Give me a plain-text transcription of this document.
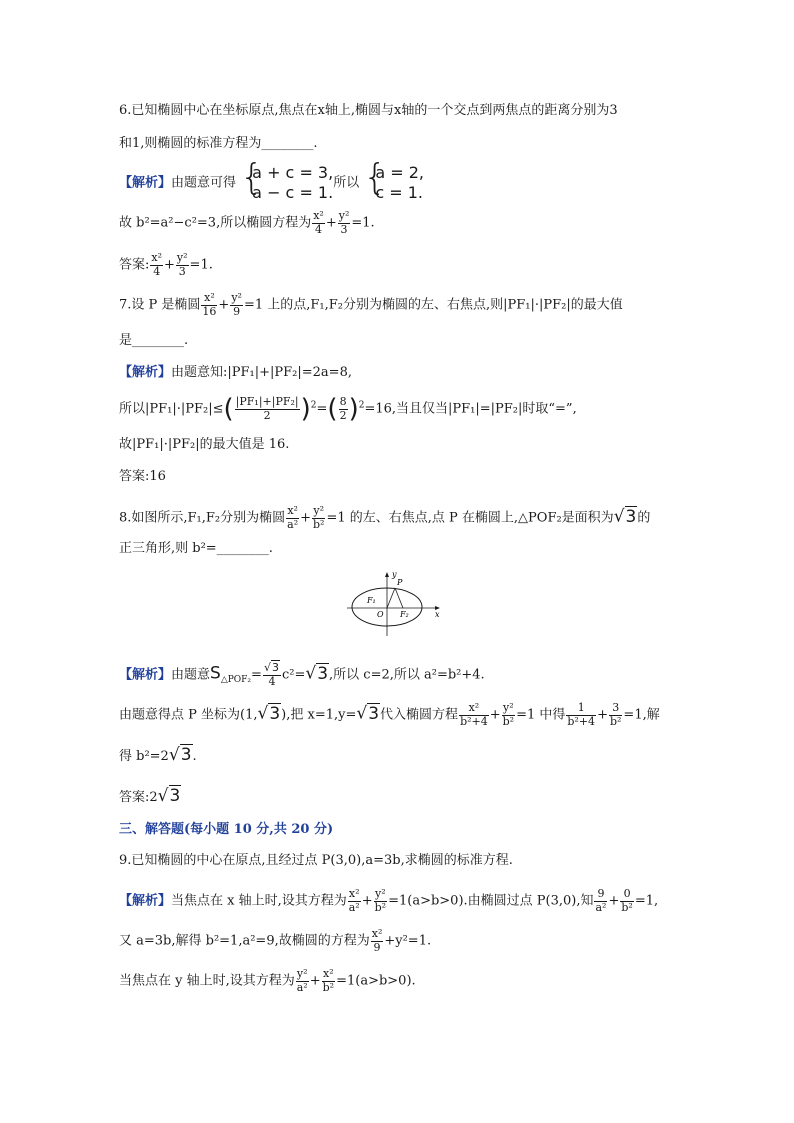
6.已知椭圆中心在坐标原点,焦点在x轴上,椭圆与x轴的一个交点到两焦点的距离分别为3
和1,则椭圆的标准方程为________.
【解析】由题意可得 {
a + c = 3,
a − c = 1. 所以 {
a = 2,
c = 1.
故 b²=a²−c²=3,所以椭圆方程为 $\frac{\text{x²}}{4} + \frac{\text{y²}}{3} =1$.
答案: $\frac{\text{x²}}{4} + \frac{\text{y²}}{3} =1$.
7.设 P 是椭圆 $\frac{\text{x²}}{16} + \frac{\text{y²}}{9} =1$ 上的点,F₁,F₂分别为椭圆的左、右焦点,则|PF₁|·|PF₂|的最大值
是________.
【解析】由题意知:|PF₁|+|PF₂|=2a=8,
所以$|PF_1|\cdot|PF_2|\le( \frac{\text{|PF₁|+|PF₂|}}{2} )^2=( \frac{8}{2} )^2=16$,当且仅当|PF₁|=|PF₂|时取“=”,
故|PF₁|·|PF₂|的最大值是 16.
答案:16
8.如图所示,F₁,F₂分别为椭圆 $\frac{\text{x²}}{\text{a²}} + \frac{\text{y²}}{\text{b²}} =1$ 的左、右焦点,点 P 在椭圆上,△POF₂是面积为√3的
正三角形,则 b²=________.
y
P
F₁
O F₂	x
【解析】由题意$S_{\triangle POF_2}= \frac{√3}{4} c^2=√3$,所以 c=2,所以 a²=b²+4.
由题意得点 P 坐标为(1,√3),把 x=1,y=√3代入椭圆方程 $\frac{\text{x²}}{\text{b²+4}} + \frac{\text{y²}}{\text{b²}} =1$ 中得 $\frac{1}{\text{b²+4}} + \frac{3}{\text{b²}} =1$,解
得 b²=2√3.
答案:2√3
三、解答题(每小题 10 分,共 20 分)
9.已知椭圆的中心在原点,且经过点 P(3,0),a=3b,求椭圆的标准方程.
【解析】当焦点在 x 轴上时,设其方程为 $\frac{\text{x²}}{\text{a²}} + \frac{\text{y²}}{\text{b²}} =1(a>b>0)$.由椭圆过点 P(3,0),知 $\frac{9}{\text{a²}} + \frac{0}{\text{b²}} =1$,
又 a=3b,解得 b²=1,a²=9,故椭圆的方程为 $\frac{\text{x²}}{9} +y^2=1$.
当焦点在 y 轴上时,设其方程为 $\frac{\text{y²}}{\text{a²}} + \frac{\text{x²}}{\text{b²}} =1(a>b>0)$.
